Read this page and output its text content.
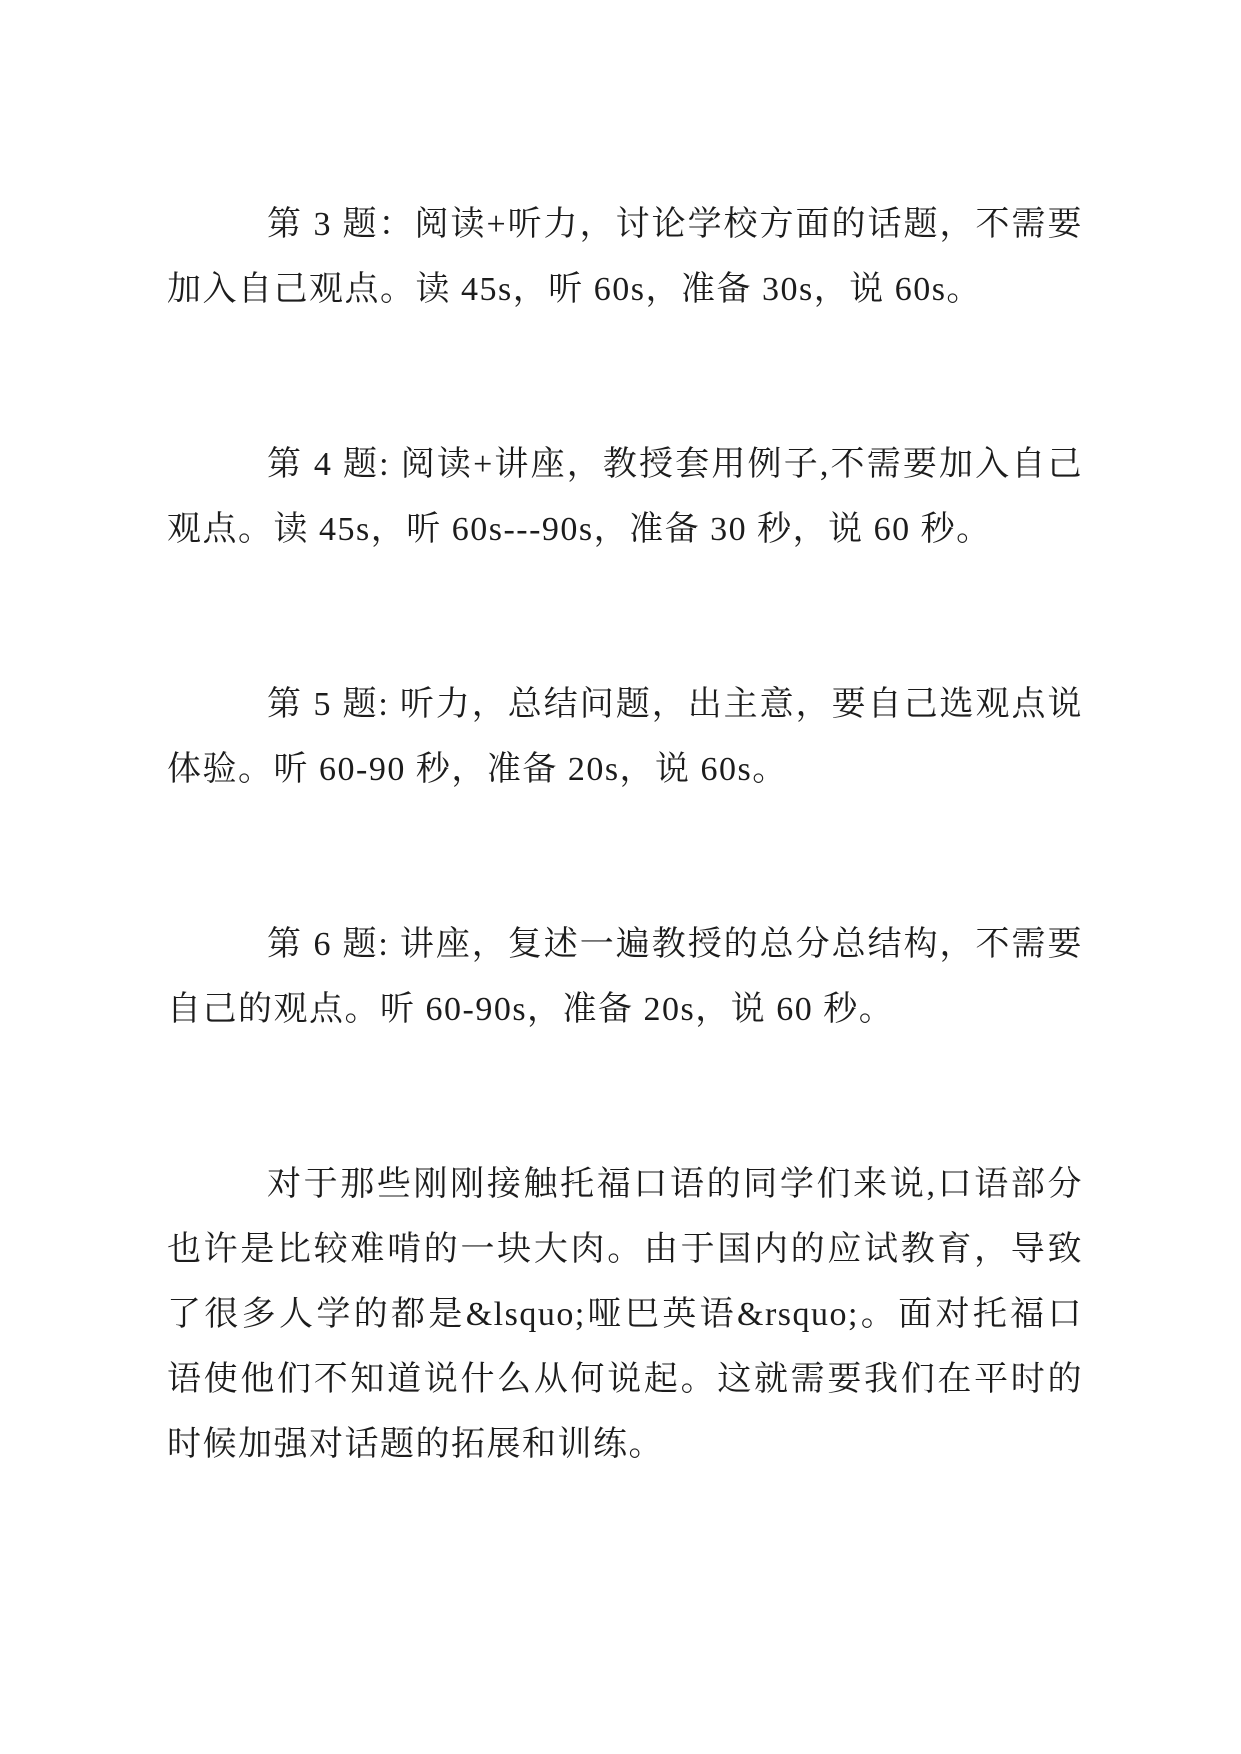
第 3 题：阅读+听力，讨论学校方面的话题，不需要加入自己观点。读 45s，听 60s，准备 30s，说 60s。

第 4 题: 阅读+讲座，教授套用例子,不需要加入自己观点。读 45s，听 60s---90s，准备 30 秒，说 60 秒。

第 5 题: 听力，总结问题，出主意，要自己选观点说体验。听 60-90 秒，准备 20s，说 60s。

第 6 题: 讲座，复述一遍教授的总分总结构，不需要自己的观点。听 60-90s，准备 20s，说 60 秒。

对于那些刚刚接触托福口语的同学们来说,口语部分也许是比较难啃的一块大肉。由于国内的应试教育，导致了很多人学的都是&lsquo;哑巴英语&rsquo;。面对托福口语使他们不知道说什么从何说起。这就需要我们在平时的时候加强对话题的拓展和训练。
